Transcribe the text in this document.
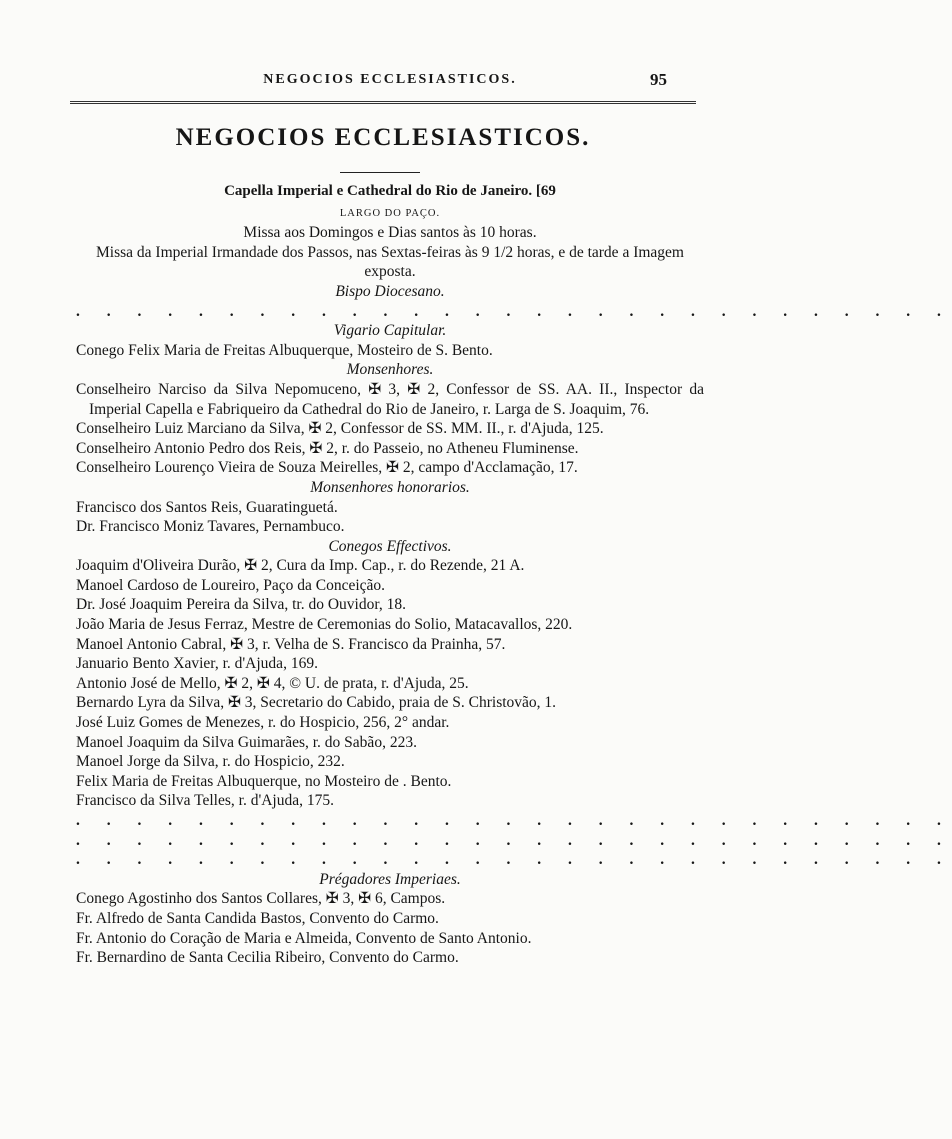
NEGOCIOS ECCLESIASTICOS.	95
NEGOCIOS ECCLESIASTICOS.
Capella Imperial e Cathedral do Rio de Janeiro. [69
LARGO DO PAÇO.
Missa aos Domingos e Dias santos às 10 horas.
Missa da Imperial Irmandade dos Passos, nas Sextas-feiras às 9 1/2 horas, e de tarde a Imagem exposta.
Bispo Diocesano.
. . . . . . . . . . . . . . . . . . . . . . . . . . . . .
Vigario Capitular.
Conego Felix Maria de Freitas Albuquerque, Mosteiro de S. Bento.
Monsenhores.
Conselheiro Narciso da Silva Nepomuceno, ✠ 3, ✠ 2, Confessor de SS. AA. II., Inspector da Imperial Capella e Fabriqueiro da Cathedral do Rio de Janeiro, r. Larga de S. Joaquim, 76.
Conselheiro Luiz Marciano da Silva, ✠ 2, Confessor de SS. MM. II., r. d'Ajuda, 125.
Conselheiro Antonio Pedro dos Reis, ✠ 2, r. do Passeio, no Atheneu Fluminense.
Conselheiro Lourenço Vieira de Souza Meirelles, ✠ 2, campo d'Acclamação, 17.
Monsenhores honorarios.
Francisco dos Santos Reis, Guaratinguetá.
Dr. Francisco Moniz Tavares, Pernambuco.
Conegos Effectivos.
Joaquim d'Oliveira Durão, ✠ 2, Cura da Imp. Cap., r. do Rezende, 21 A.
Manoel Cardoso de Loureiro, Paço da Conceição.
Dr. José Joaquim Pereira da Silva, tr. do Ouvidor, 18.
João Maria de Jesus Ferraz, Mestre de Ceremonias do Solio, Matacavallos, 220.
Manoel Antonio Cabral, ✠ 3, r. Velha de S. Francisco da Prainha, 57.
Januario Bento Xavier, r. d'Ajuda, 169.
Antonio José de Mello, ✠ 2, ✠ 4, © U. de prata, r. d'Ajuda, 25.
Bernardo Lyra da Silva, ✠ 3, Secretario do Cabido, praia de S. Christovão, 1.
José Luiz Gomes de Menezes, r. do Hospicio, 256, 2° andar.
Manoel Joaquim da Silva Guimarães, r. do Sabão, 223.
Manoel Jorge da Silva, r. do Hospicio, 232.
Felix Maria de Freitas Albuquerque, no Mosteiro de . Bento.
Francisco da Silva Telles, r. d'Ajuda, 175.
. . . . . . . . . . . . . . . . . . . . . . . . . . . . .
. . . . . . . . . . . . . . . . . . . . . . . . . . . . .
. . . . . . . . . . . . . . . . . . . . . . . . . . . . .
Prégadores Imperiaes.
Conego Agostinho dos Santos Collares, ✠ 3, ✠ 6, Campos.
Fr. Alfredo de Santa Candida Bastos, Convento do Carmo.
Fr. Antonio do Coração de Maria e Almeida, Convento de Santo Antonio.
Fr. Bernardino de Santa Cecilia Ribeiro, Convento do Carmo.
